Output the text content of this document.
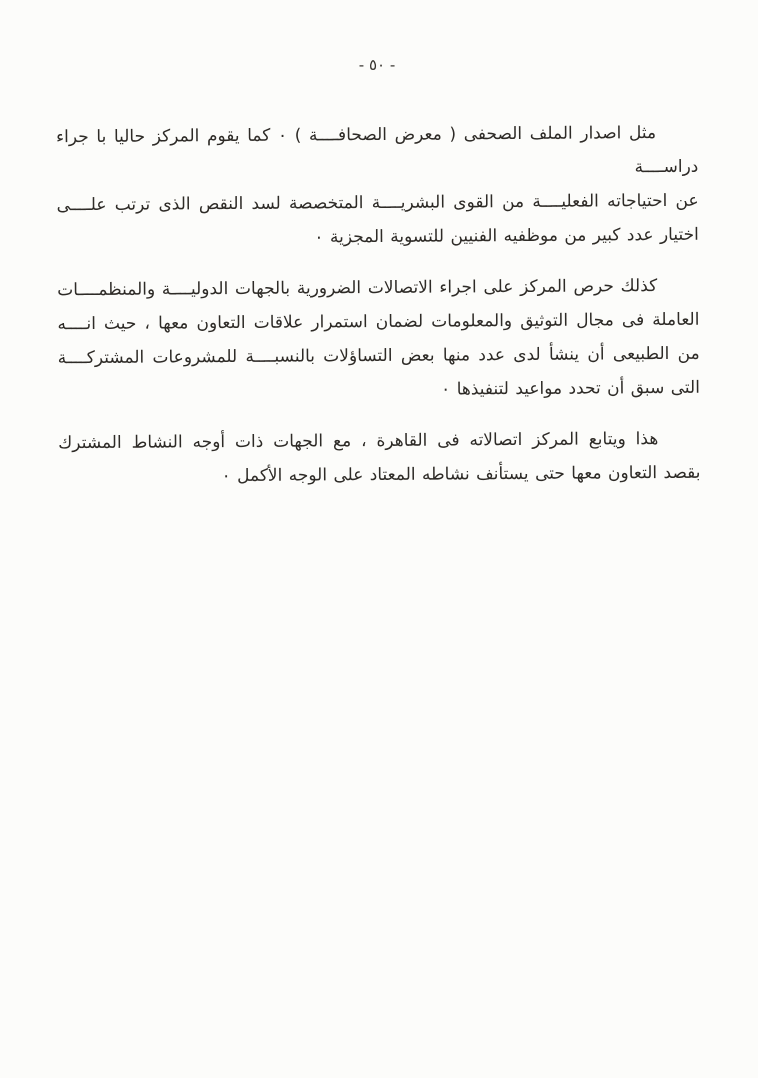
- ٥٠ -

مثل اصدار الملف الصحفى ( معرض الصحافــــة ) ٠ كما يقوم المركز حاليا با جراء دراســــة
عن احتياجاته الفعليــــة من القوى البشريــــة المتخصصة لسد النقص الذى ترتب علــــى
اختيار عدد كبير من موظفيه الفنيين للتسوية المجزية ٠

كذلك حرص المركز على اجراء الاتصالات الضرورية بالجهات الدوليــــة والمنظمــــات
العاملة فى مجال التوثيق والمعلومات لضمان استمرار علاقات التعاون معها ، حيث انــــه
من الطبيعى أن ينشأ لدى عدد منها بعض التساؤلات بالنسبــــة للمشروعات المشتركــــة
التى سبق أن تحدد مواعيد لتنفيذها ٠

هذا ويتابع المركز اتصالاته فى القاهرة ، مع الجهات ذات أوجه النشاط المشترك
بقصد التعاون معها حتى يستأنف نشاطه المعتاد على الوجه الأكمل ٠
